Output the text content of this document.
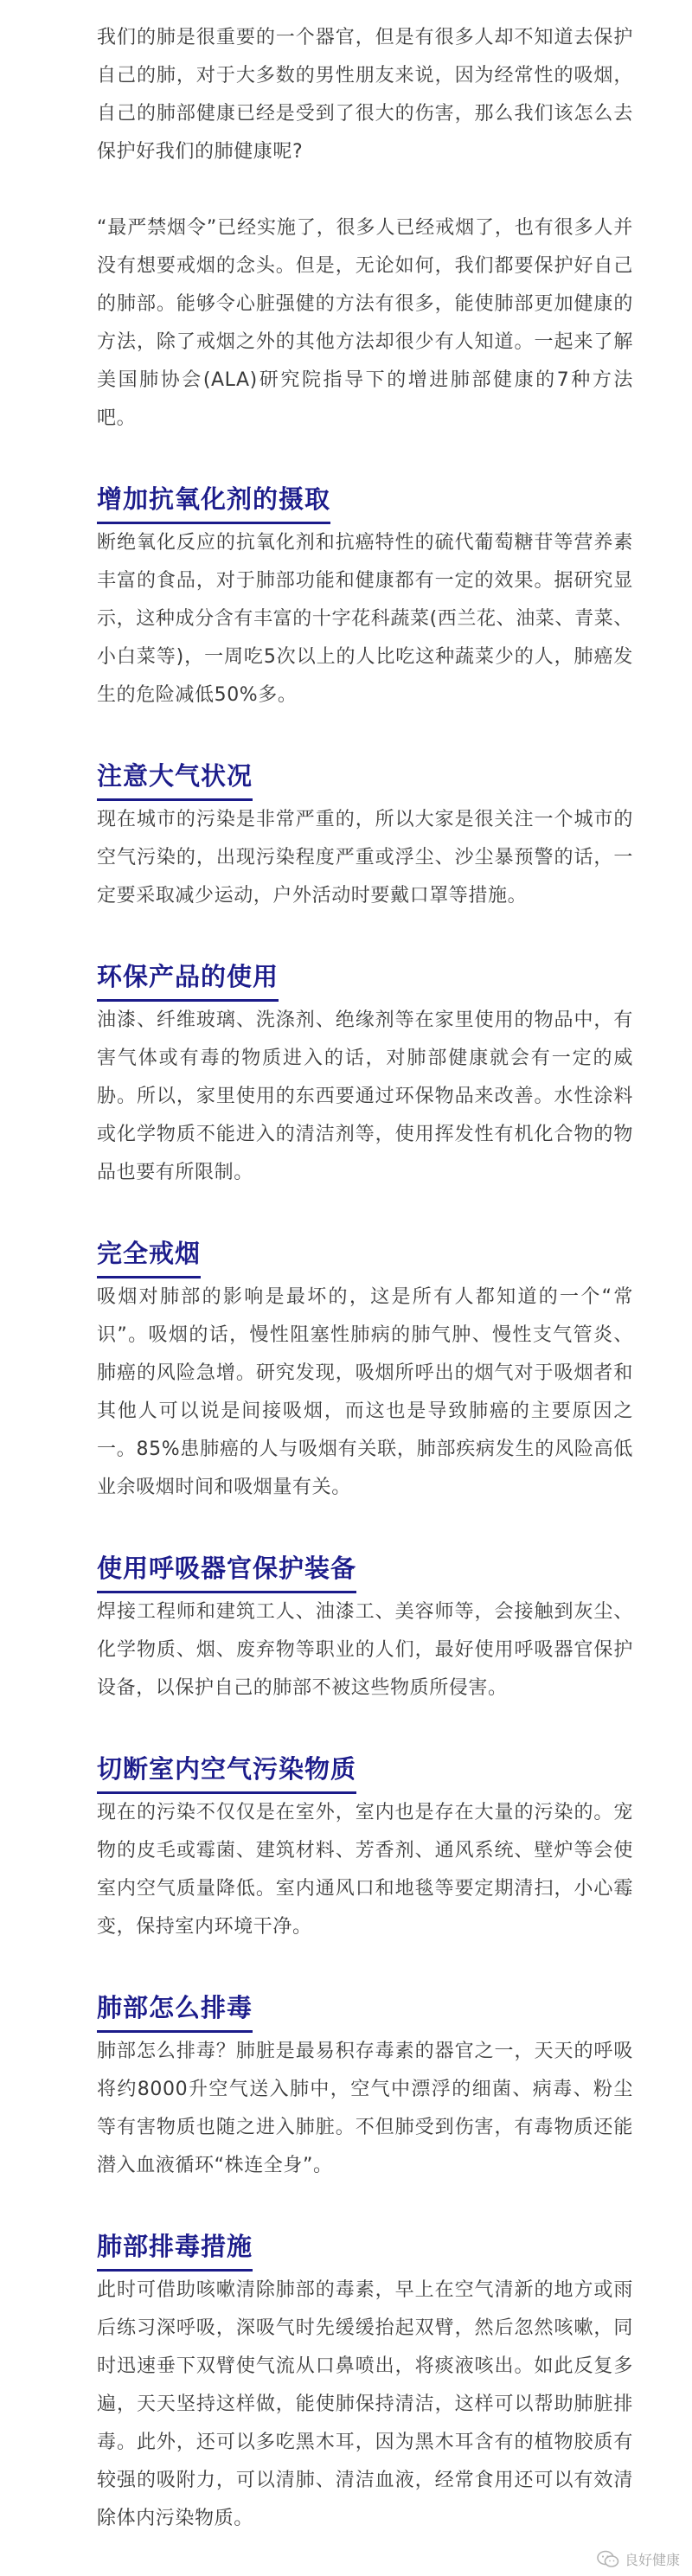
我们的肺是很重要的一个器官，但是有很多人却不知道去保护自己的肺，对于大多数的男性朋友来说，因为经常性的吸烟，自己的肺部健康已经是受到了很大的伤害，那么我们该怎么去保护好我们的肺健康呢?

“最严禁烟令”已经实施了，很多人已经戒烟了，也有很多人并没有想要戒烟的念头。但是，无论如何，我们都要保护好自己的肺部。能够令心脏强健的方法有很多，能使肺部更加健康的方法，除了戒烟之外的其他方法却很少有人知道。一起来了解美国肺协会(ALA)研究院指导下的增进肺部健康的7种方法吧。

增加抗氧化剂的摄取

断绝氧化反应的抗氧化剂和抗癌特性的硫代葡萄糖苷等营养素丰富的食品，对于肺部功能和健康都有一定的效果。据研究显示，这种成分含有丰富的十字花科蔬菜(西兰花、油菜、青菜、小白菜等)，一周吃5次以上的人比吃这种蔬菜少的人，肺癌发生的危险减低50%多。

注意大气状况

现在城市的污染是非常严重的，所以大家是很关注一个城市的空气污染的，出现污染程度严重或浮尘、沙尘暴预警的话，一定要采取减少运动，户外活动时要戴口罩等措施。

环保产品的使用

油漆、纤维玻璃、洗涤剂、绝缘剂等在家里使用的物品中，有害气体或有毒的物质进入的话，对肺部健康就会有一定的威胁。所以，家里使用的东西要通过环保物品来改善。水性涂料或化学物质不能进入的清洁剂等，使用挥发性有机化合物的物品也要有所限制。

完全戒烟

吸烟对肺部的影响是最坏的，这是所有人都知道的一个“常识”。吸烟的话，慢性阻塞性肺病的肺气肿、慢性支气管炎、肺癌的风险急增。研究发现，吸烟所呼出的烟气对于吸烟者和其他人可以说是间接吸烟，而这也是导致肺癌的主要原因之一。85%患肺癌的人与吸烟有关联，肺部疾病发生的风险高低业余吸烟时间和吸烟量有关。

使用呼吸器官保护装备

焊接工程师和建筑工人、油漆工、美容师等，会接触到灰尘、化学物质、烟、废弃物等职业的人们，最好使用呼吸器官保护设备，以保护自己的肺部不被这些物质所侵害。

切断室内空气污染物质

现在的污染不仅仅是在室外，室内也是存在大量的污染的。宠物的皮毛或霉菌、建筑材料、芳香剂、通风系统、壁炉等会使室内空气质量降低。室内通风口和地毯等要定期清扫，小心霉变，保持室内环境干净。

肺部怎么排毒

肺部怎么排毒？肺脏是最易积存毒素的器官之一，天天的呼吸将约8000升空气送入肺中，空气中漂浮的细菌、病毒、粉尘等有害物质也随之进入肺脏。不但肺受到伤害，有毒物质还能潜入血液循环“株连全身”。

肺部排毒措施

此时可借助咳嗽清除肺部的毒素，早上在空气清新的地方或雨后练习深呼吸，深吸气时先缓缓抬起双臂，然后忽然咳嗽，同时迅速垂下双臂使气流从口鼻喷出，将痰液咳出。如此反复多遍，天天坚持这样做，能使肺保持清洁，这样可以帮助肺脏排毒。此外，还可以多吃黑木耳，因为黑木耳含有的植物胶质有较强的吸附力，可以清肺、清洁血液，经常食用还可以有效清除体内污染物质。

良好健康
